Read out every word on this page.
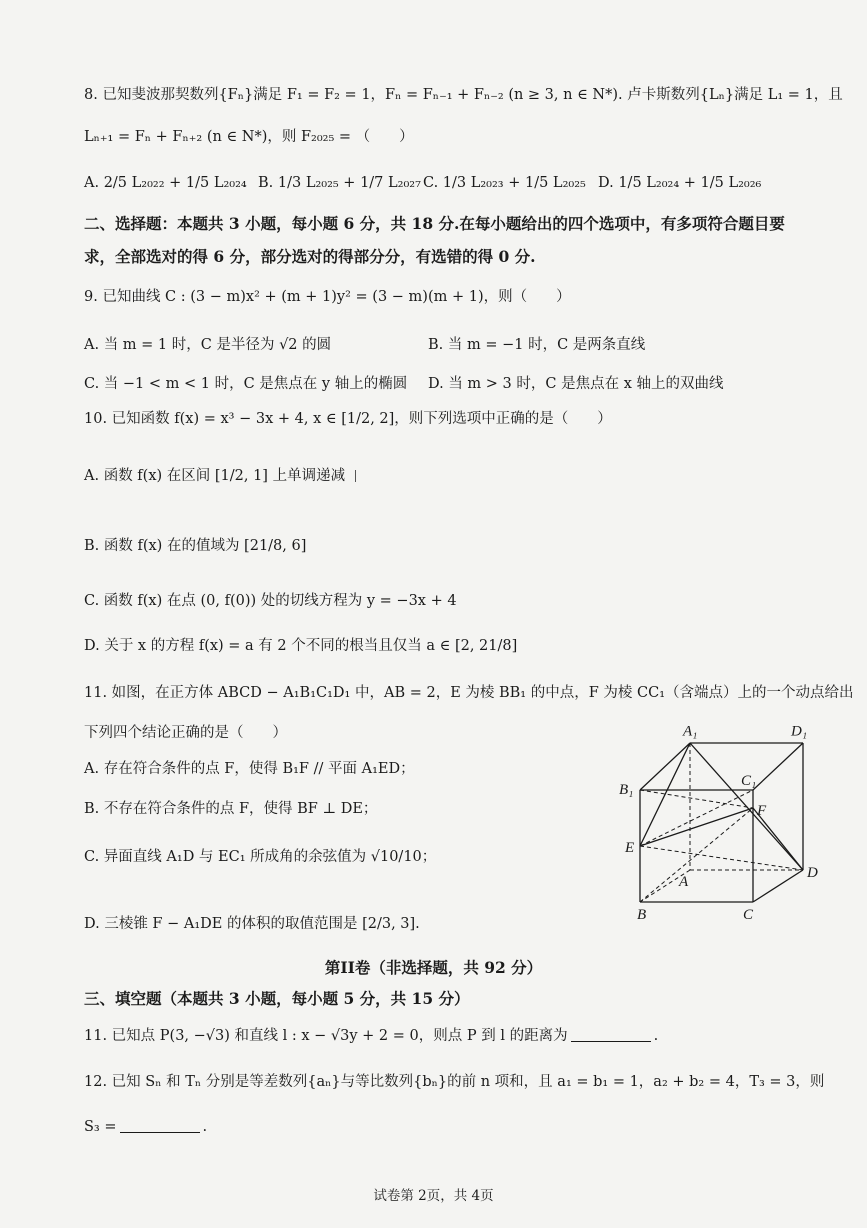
8. 已知斐波那契数列{Fₙ}满足 F₁ = F₂ = 1，Fₙ = Fₙ₋₁ + Fₙ₋₂ (n ≥ 3, n ∈ N*). 卢卡斯数列{Lₙ}满足 L₁ = 1，且
Lₙ₊₁ = Fₙ + Fₙ₊₂ (n ∈ N*)，则 F₂₀₂₅ = （　　）
二、选择题：本题共 3 小题，每小题 6 分，共 18 分.在每小题给出的四个选项中，有多项符合题目要
求，全部选对的得 6 分，部分选对的得部分分，有选错的得 0 分.
9. 已知曲线 C : (3 − m)x² + (m + 1)y² = (3 − m)(m + 1)，则（　　）
10. 已知函数 f(x) = x³ − 3x + 4, x ∈ [1/2, 2]，则下列选项中正确的是（　　）
A. 函数 f(x) 在区间 [1/2, 1] 上单调递减
B. 函数 f(x) 在的值域为 [21/8, 6]
C. 函数 f(x) 在点 (0, f(0)) 处的切线方程为 y = −3x + 4
D. 关于 x 的方程 f(x) = a 有 2 个不同的根当且仅当 a ∈ [2, 21/8]
11. 如图，在正方体 ABCD − A₁B₁C₁D₁ 中，AB = 2，E 为棱 BB₁ 的中点，F 为棱 CC₁（含端点）上的一个动点给出
下列四个结论正确的是（　　）
A. 存在符合条件的点 F，使得 B₁F // 平面 A₁ED；
B. 不存在符合条件的点 F，使得 BF ⊥ DE；
C. 异面直线 A₁D 与 EC₁ 所成角的余弦值为 √10/10；
D. 三棱锥 F − A₁DE 的体积的取值范围是 [2/3, 3].
三、填空题（本题共 3 小题，每小题 5 分，共 15 分）
11. 已知点 P(3, −√3) 和直线 l : x − √3y + 2 = 0，则点 P 到 l 的距离为	.
12. 已知 Sₙ 和 Tₙ 分别是等差数列{aₙ}与等比数列{bₙ}的前 n 项和，且 a₁ = b₁ = 1，a₂ + b₂ = 4，T₃ = 3，则
S₃ =	.
A. 2/5 L₂₀₂₂ + 1/5 L₂₀₂₄ B. 1/3 L₂₀₂₅ + 1/7 L₂₀₂₇ C. 1/3 L₂₀₂₃ + 1/5 L₂₀₂₅ D. 1/5 L₂₀₂₄ + 1/5 L₂₀₂₆
A. 当 m = 1 时，C 是半径为 √2 的圆	B. 当 m = −1 时，C 是两条直线
C. 当 −1 < m < 1 时，C 是焦点在 y 轴上的椭圆 D. 当 m > 3 时，C 是焦点在 x 轴上的双曲线
第II卷（非选择题，共 92 分）
A₁	D₁
B₁
C₁
F
E
A
D
B	C
试卷第 2页，共 4页
